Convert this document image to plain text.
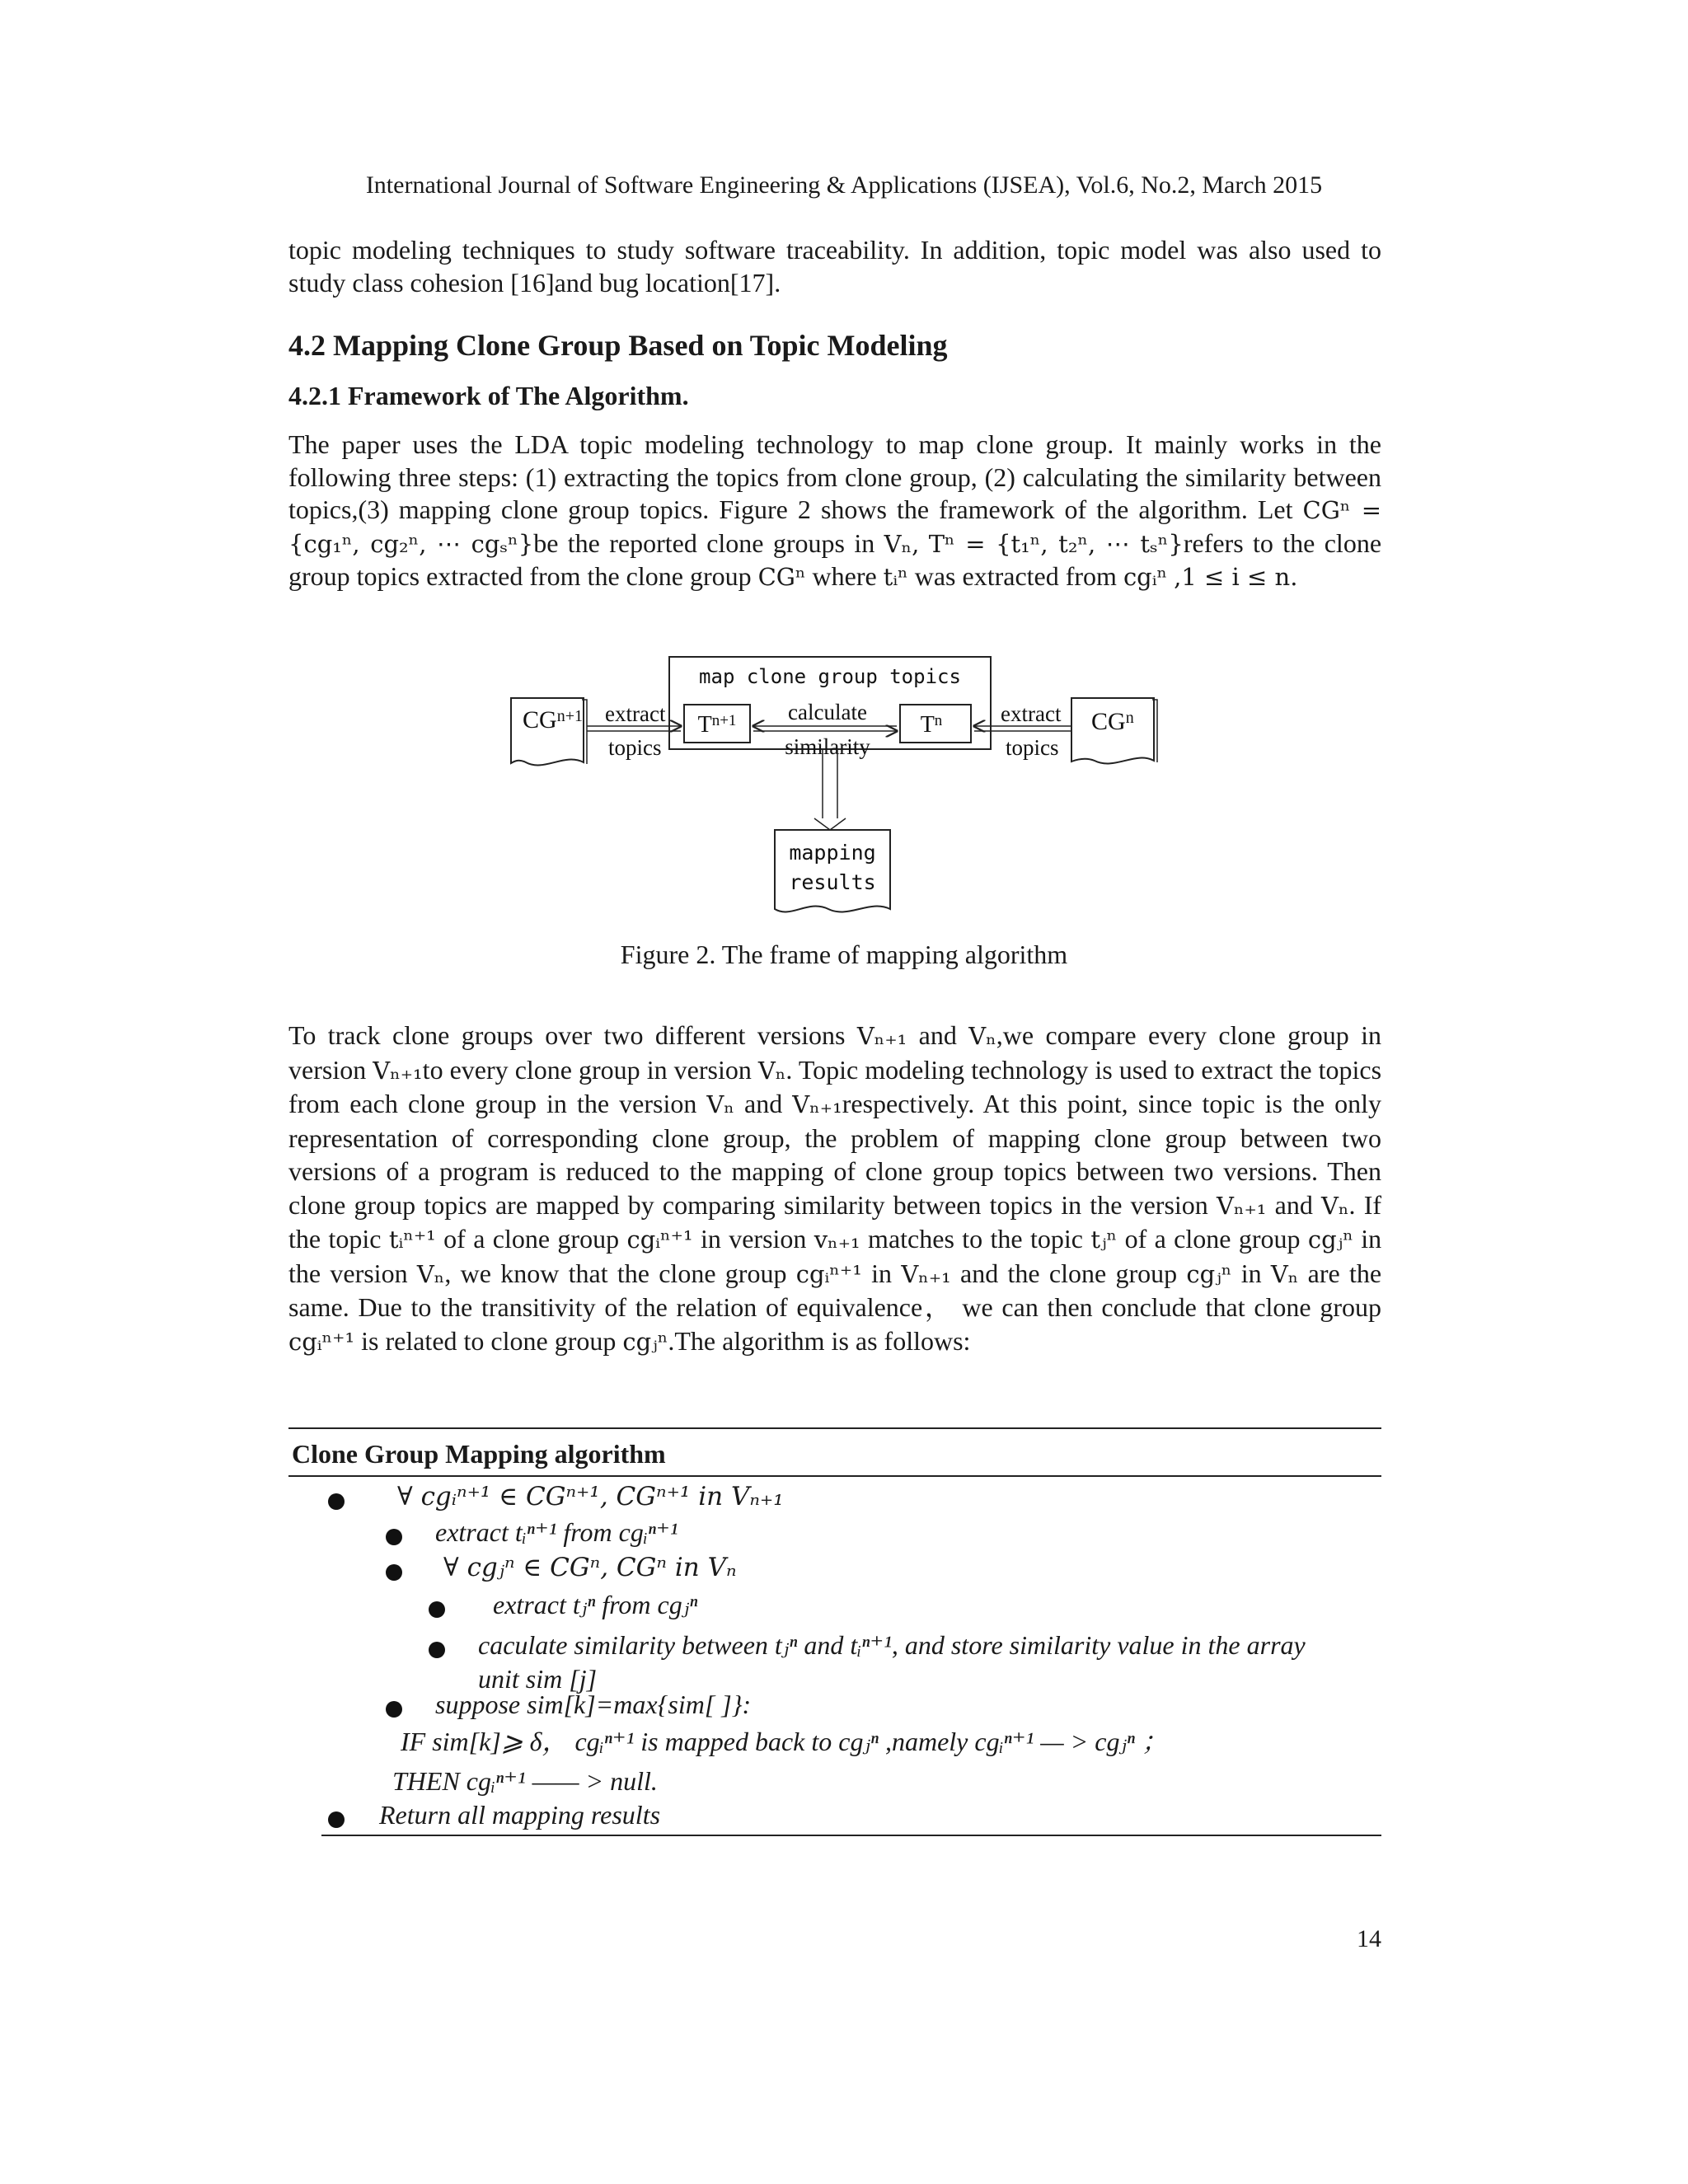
International Journal of Software Engineering & Applications (IJSEA), Vol.6, No.2, March 2015

topic modeling techniques to study software traceability. In addition, topic model was also used to study class cohesion [16]and bug location[17].

4.2 Mapping Clone Group Based on Topic Modeling
4.2.1 Framework of The Algorithm.

The paper uses the LDA topic modeling technology to map clone group. It mainly works in the following three steps: (1) extracting the topics from clone group, (2) calculating the similarity between topics,(3) mapping clone group topics. Figure 2 shows the framework of the algorithm. Let CGⁿ = {cg₁ⁿ, cg₂ⁿ, ⋯ cgₛⁿ}be the reported clone groups in Vₙ, Tⁿ = {t₁ⁿ, t₂ⁿ, ⋯ tₛⁿ}refers to the clone group topics extracted from the clone group CGⁿ where tᵢⁿ was extracted from cgᵢⁿ ,1 ≤ i ≤ n.

$CG^{n+1}$	$CG^n$
extract
topics
extract
topics
map clone group topics
$T^{n+1}$	$T^n$
calculate
similarity
mapping
results
Figure 2. The frame of mapping algorithm

To track clone groups over two different versions Vₙ₊₁ and Vₙ,we compare every clone group in version Vₙ₊₁to every clone group in version Vₙ. Topic modeling technology is used to extract the topics from each clone group in the version Vₙ and Vₙ₊₁respectively. At this point, since topic is the only representation of corresponding clone group, the problem of mapping clone group between two versions of a program is reduced to the mapping of clone group topics between two versions. Then clone group topics are mapped by comparing similarity between topics in the version Vₙ₊₁ and Vₙ. If the topic tᵢⁿ⁺¹ of a clone group cgᵢⁿ⁺¹ in version vₙ₊₁ matches to the topic tⱼⁿ of a clone group cgⱼⁿ in the version Vₙ, we know that the clone group cgᵢⁿ⁺¹ in Vₙ₊₁ and the clone group cgⱼⁿ in Vₙ are the same. Due to the transitivity of the relation of equivalence， we can then conclude that clone group cgᵢⁿ⁺¹ is related to clone group cgⱼⁿ.The algorithm is as follows:

Clone Group Mapping algorithm
∀ cgᵢⁿ⁺¹ ∈ CGⁿ⁺¹, CGⁿ⁺¹ in Vₙ₊₁
extract tᵢⁿ⁺¹ from cgᵢⁿ⁺¹
∀ cgⱼⁿ ∈ CGⁿ, CGⁿ in Vₙ
extract tⱼⁿ from cgⱼⁿ
caculate similarity between tⱼⁿ and tᵢⁿ⁺¹, and store similarity value in the array
unit sim [j]
suppose sim[k]=max{sim[ ]}:
IF sim[k]⩾ δ， cgᵢⁿ⁺¹ is mapped back to cgⱼⁿ ,namely cgᵢⁿ⁺¹ — > cgⱼⁿ ；
THEN cgᵢⁿ⁺¹ —— > null.
Return all mapping results
14
